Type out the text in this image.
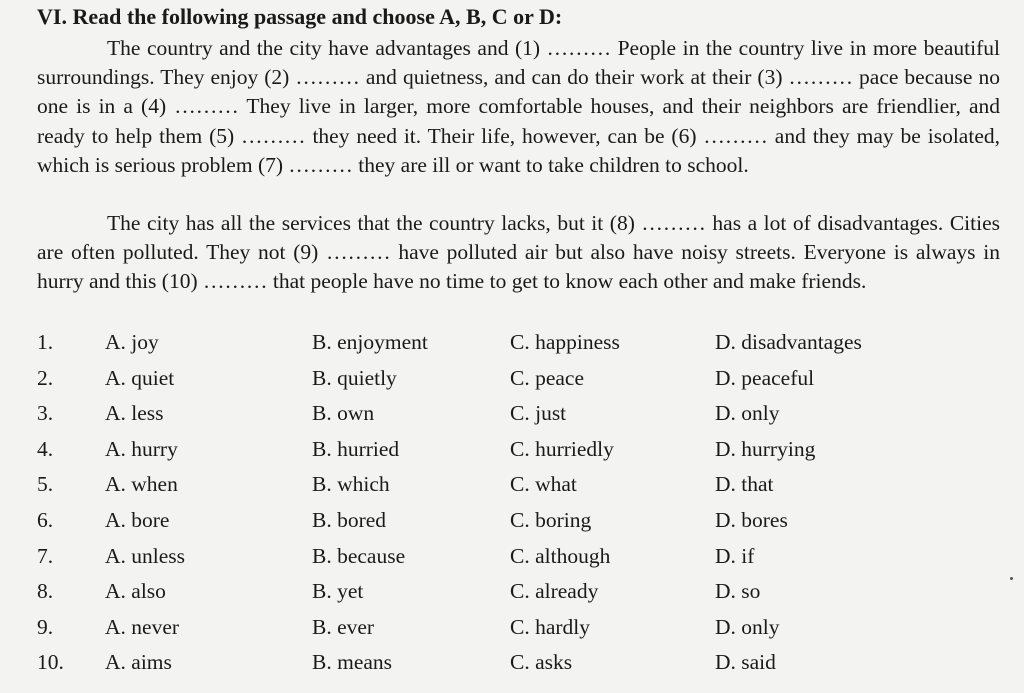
VI. Read the following passage and choose A, B, C or D:

The country and the city have advantages and (1) ……… People in the country live in more beautiful surroundings. They enjoy (2) ……… and quietness, and can do their work at their (3) ……… pace because no one is in a (4) ……… They live in larger, more comfortable houses, and their neighbors are friendlier, and ready to help them (5) ……… they need it. Their life, however, can be (6) ……… and they may be isolated, which is serious problem (7) ……… they are ill or want to take children to school.

The city has all the services that the country lacks, but it (8) ……… has a lot of disadvantages. Cities are often polluted. They not (9) ……… have polluted air but also have noisy streets. Everyone is always in hurry and this (10) ……… that people have no time to get to know each other and make friends.

1. A. joy	B. enjoyment	C. happiness	D. disadvantages
2. A. quiet	B. quietly	C. peace	D. peaceful
3. A. less	B. own	C. just	D. only
4. A. hurry	B. hurried	C. hurriedly	D. hurrying
5. A. when	B. which	C. what	D. that
6. A. bore	B. bored	C. boring	D. bores
7. A. unless	B. because	C. although	D. if
8. A. also	B. yet	C. already	D. so
9. A. never	B. ever	C. hardly	D. only
10. A. aims	B. means	C. asks	D. said
